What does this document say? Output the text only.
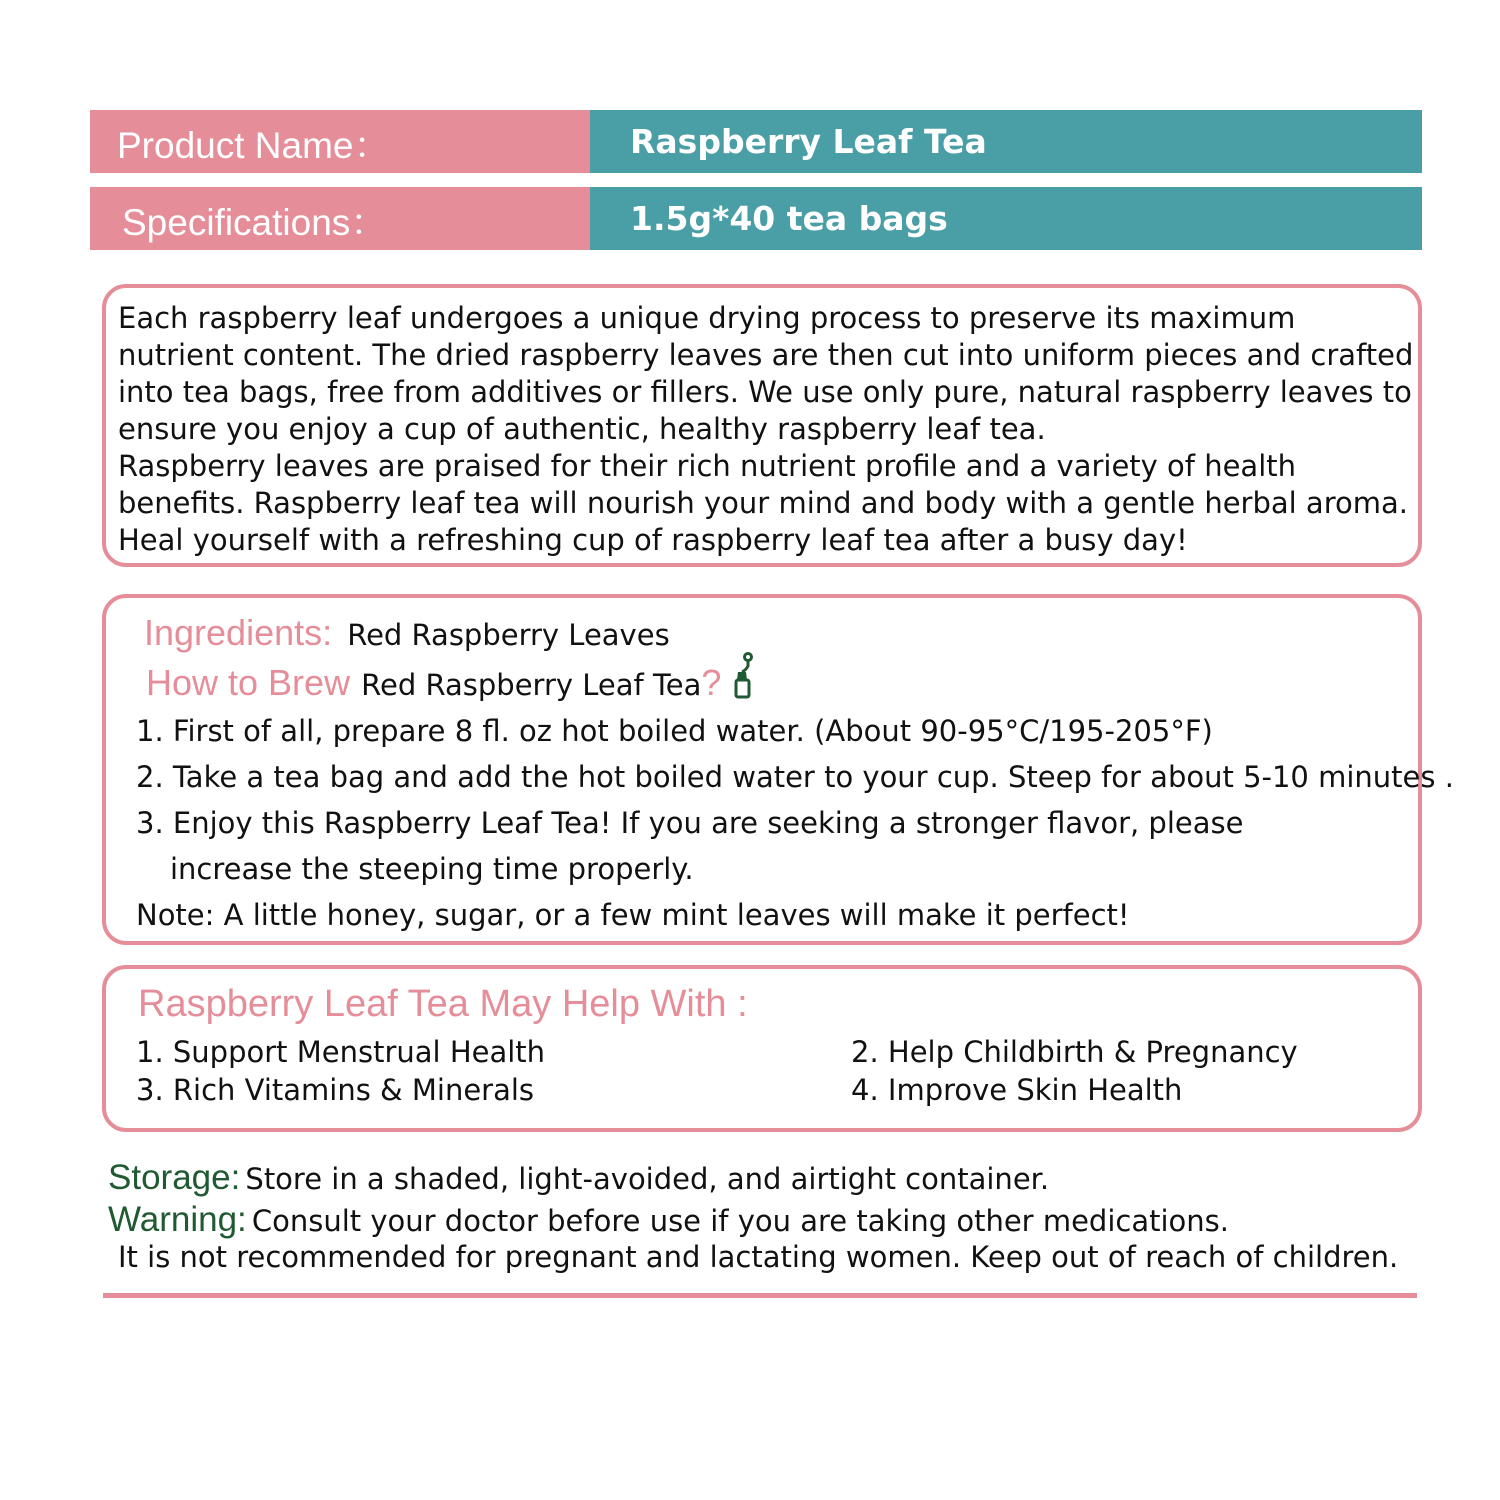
Product Name：	Raspberry Leaf Tea
Specifications：	1.5g*40 tea bags

Each raspberry leaf undergoes a unique drying process to preserve its maximum nutrient content. The dried raspberry leaves are then cut into uniform pieces and crafted into tea bags, free from additives or fillers. We use only pure, natural raspberry leaves to ensure you enjoy a cup of authentic, healthy raspberry leaf tea.

Raspberry leaves are praised for their rich nutrient profile and a variety of health benefits. Raspberry leaf tea will nourish your mind and body with a gentle herbal aroma. Heal yourself with a refreshing cup of raspberry leaf tea after a busy day!

Ingredients: Red Raspberry Leaves
How to Brew Red Raspberry Leaf Tea?
1. First of all, prepare 8 fl. oz hot boiled water. (About 90-95°C/195-205°F)
2. Take a tea bag and add the hot boiled water to your cup. Steep for about 5-10 minutes .
3. Enjoy this Raspberry Leaf Tea! If you are seeking a stronger flavor, please
increase the steeping time properly.
Note: A little honey, sugar, or a few mint leaves will make it perfect!
Raspberry Leaf Tea May Help With :
1. Support Menstrual Health	2. Help Childbirth & Pregnancy
3. Rich Vitamins & Minerals	4. Improve Skin Health
Storage: Store in a shaded, light-avoided, and airtight container.
Warning: Consult your doctor before use if you are taking other medications.
It is not recommended for pregnant and lactating women. Keep out of reach of children.
